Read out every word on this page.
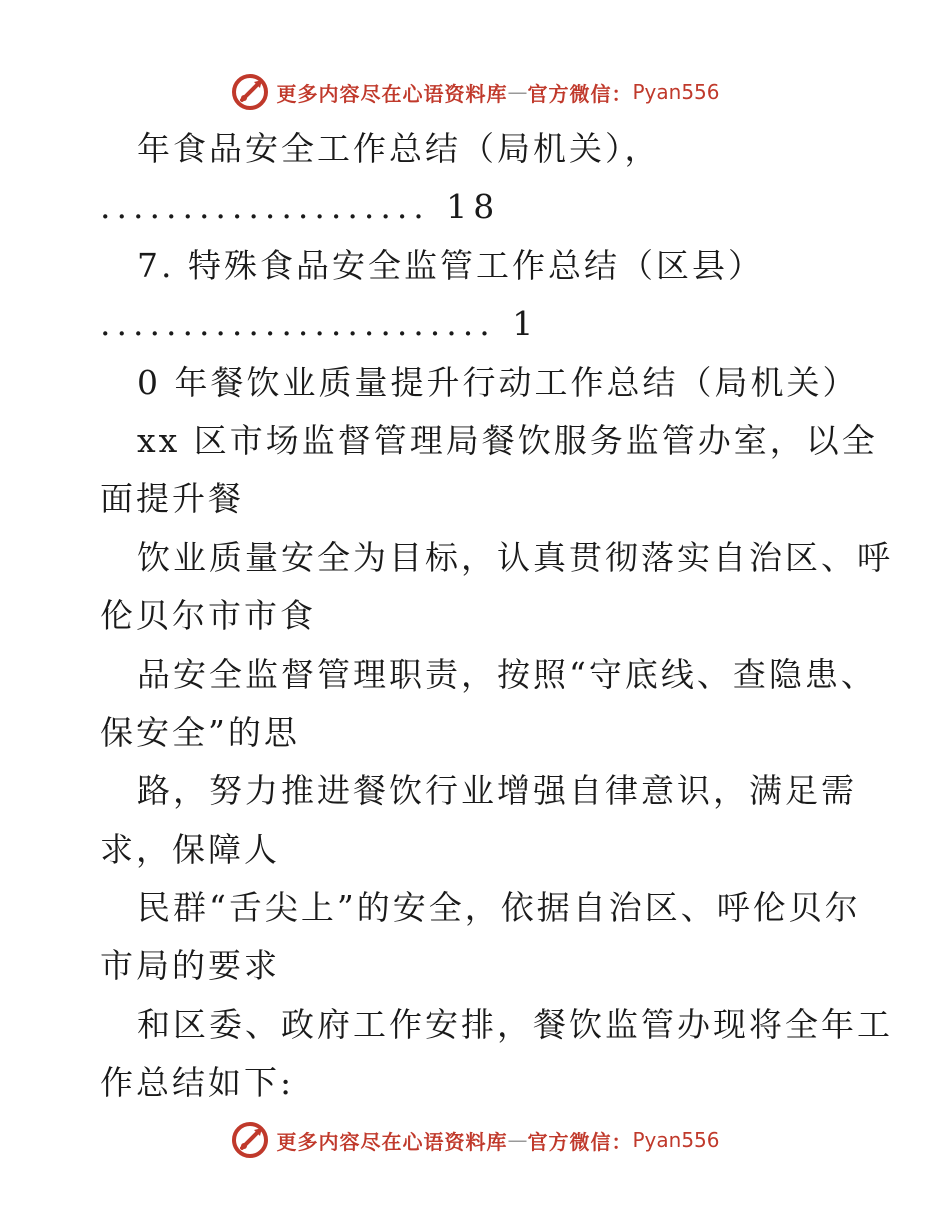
更多内容尽在心语资料库 — 官方微信： Pyan556
年食品安全工作总结（局机关），
.................... 18
7. 特殊食品安全监管工作总结（区县）
........................ 1
0 年餐饮业质量提升行动工作总结（局机关）
xx 区市场监督管理局餐饮服务监管办室，以全
面提升餐
饮业质量安全为目标，认真贯彻落实自治区、呼
伦贝尔市市食
品安全监督管理职责，按照“守底线、查隐患、
保安全”的思
路，努力推进餐饮行业增强自律意识，满足需
求，保障人
民群“舌尖上”的安全，依据自治区、呼伦贝尔
市局的要求
和区委、政府工作安排，餐饮监管办现将全年工
作总结如下:
更多内容尽在心语资料库 — 官方微信： Pyan556
